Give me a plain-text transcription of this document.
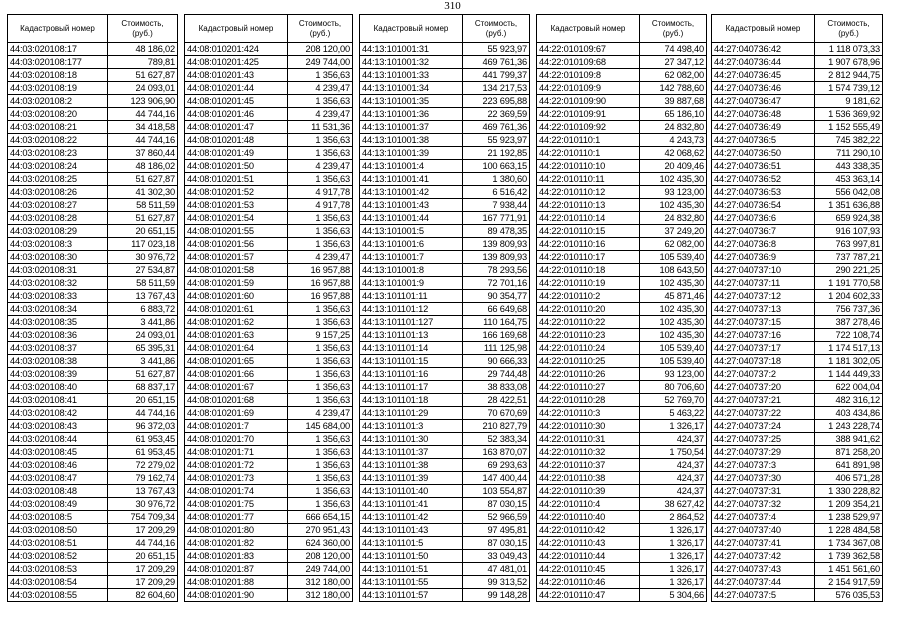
310
Кадастровый номер	Стоимость, (руб.)
44:03:020108:17	48 186,02
44:03:020108:177	789,81
44:03:020108:18	51 627,87
44:03:020108:19	24 093,01
44:03:020108:2	123 906,90
44:03:020108:20	44 744,16
44:03:020108:21	34 418,58
44:03:020108:22	44 744,16
44:03:020108:23	37 860,44
44:03:020108:24	48 186,02
44:03:020108:25	51 627,87
44:03:020108:26	41 302,30
44:03:020108:27	58 511,59
44:03:020108:28	51 627,87
44:03:020108:29	20 651,15
44:03:020108:3	117 023,18
44:03:020108:30	30 976,72
44:03:020108:31	27 534,87
44:03:020108:32	58 511,59
44:03:020108:33	13 767,43
44:03:020108:34	6 883,72
44:03:020108:35	3 441,86
44:03:020108:36	24 093,01
44:03:020108:37	65 395,31
44:03:020108:38	3 441,86
44:03:020108:39	51 627,87
44:03:020108:40	68 837,17
44:03:020108:41	20 651,15
44:03:020108:42	44 744,16
44:03:020108:43	96 372,03
44:03:020108:44	61 953,45
44:03:020108:45	61 953,45
44:03:020108:46	72 279,02
44:03:020108:47	79 162,74
44:03:020108:48	13 767,43
44:03:020108:49	30 976,72
44:03:020108:5	754 709,34
44:03:020108:50	17 209,29
44:03:020108:51	44 744,16
44:03:020108:52	20 651,15
44:03:020108:53	17 209,29
44:03:020108:54	17 209,29
44:03:020108:55	82 604,60
Кадастровый номер	Стоимость, (руб.)
44:08:010201:424	208 120,00
44:08:010201:425	249 744,00
44:08:010201:43	1 356,63
44:08:010201:44	4 239,47
44:08:010201:45	1 356,63
44:08:010201:46	4 239,47
44:08:010201:47	11 531,36
44:08:010201:48	1 356,63
44:08:010201:49	1 356,63
44:08:010201:50	4 239,47
44:08:010201:51	1 356,63
44:08:010201:52	4 917,78
44:08:010201:53	4 917,78
44:08:010201:54	1 356,63
44:08:010201:55	1 356,63
44:08:010201:56	1 356,63
44:08:010201:57	4 239,47
44:08:010201:58	16 957,88
44:08:010201:59	16 957,88
44:08:010201:60	16 957,88
44:08:010201:61	1 356,63
44:08:010201:62	1 356,63
44:08:010201:63	9 157,25
44:08:010201:64	1 356,63
44:08:010201:65	1 356,63
44:08:010201:66	1 356,63
44:08:010201:67	1 356,63
44:08:010201:68	1 356,63
44:08:010201:69	4 239,47
44:08:010201:7	145 684,00
44:08:010201:70	1 356,63
44:08:010201:71	1 356,63
44:08:010201:72	1 356,63
44:08:010201:73	1 356,63
44:08:010201:74	1 356,63
44:08:010201:75	1 356,63
44:08:010201:77	666 654,15
44:08:010201:80	270 951,43
44:08:010201:82	624 360,00
44:08:010201:83	208 120,00
44:08:010201:87	249 744,00
44:08:010201:88	312 180,00
44:08:010201:90	312 180,00
Кадастровый номер	Стоимость, (руб.)
44:13:101001:31	55 923,97
44:13:101001:32	469 761,36
44:13:101001:33	441 799,37
44:13:101001:34	134 217,53
44:13:101001:35	223 695,88
44:13:101001:36	22 369,59
44:13:101001:37	469 761,36
44:13:101001:38	55 923,97
44:13:101001:39	21 192,85
44:13:101001:4	100 663,15
44:13:101001:41	1 380,60
44:13:101001:42	6 516,42
44:13:101001:43	7 938,44
44:13:101001:44	167 771,91
44:13:101001:5	89 478,35
44:13:101001:6	139 809,93
44:13:101001:7	139 809,93
44:13:101001:8	78 293,56
44:13:101001:9	72 701,16
44:13:101101:11	90 354,77
44:13:101101:12	66 649,68
44:13:101101:127	110 164,75
44:13:101101:13	166 169,68
44:13:101101:14	111 125,98
44:13:101101:15	90 666,33
44:13:101101:16	29 744,48
44:13:101101:17	38 833,08
44:13:101101:18	28 422,51
44:13:101101:29	70 670,69
44:13:101101:3	210 827,79
44:13:101101:30	52 383,34
44:13:101101:37	163 870,07
44:13:101101:38	69 293,63
44:13:101101:39	147 400,44
44:13:101101:40	103 554,87
44:13:101101:41	87 030,15
44:13:101101:42	52 966,59
44:13:101101:43	97 495,81
44:13:101101:5	87 030,15
44:13:101101:50	33 049,43
44:13:101101:51	47 481,01
44:13:101101:55	99 313,52
44:13:101101:57	99 148,28
Кадастровый номер	Стоимость, (руб.)
44:22:010109:67	74 498,40
44:22:010109:68	27 347,12
44:22:010109:8	62 082,00
44:22:010109:9	142 788,60
44:22:010109:90	39 887,68
44:22:010109:91	65 186,10
44:22:010109:92	24 832,80
44:22:010110:1	4 243,73
44:22:010110:1	42 068,62
44:22:010110:10	20 409,46
44:22:010110:11	102 435,30
44:22:010110:12	93 123,00
44:22:010110:13	102 435,30
44:22:010110:14	24 832,80
44:22:010110:15	37 249,20
44:22:010110:16	62 082,00
44:22:010110:17	105 539,40
44:22:010110:18	108 643,50
44:22:010110:19	102 435,30
44:22:010110:2	45 871,46
44:22:010110:20	102 435,30
44:22:010110:22	102 435,30
44:22:010110:23	102 435,30
44:22:010110:24	105 539,40
44:22:010110:25	105 539,40
44:22:010110:26	93 123,00
44:22:010110:27	80 706,60
44:22:010110:28	52 769,70
44:22:010110:3	5 463,22
44:22:010110:30	1 326,17
44:22:010110:31	424,37
44:22:010110:32	1 750,54
44:22:010110:37	424,37
44:22:010110:38	424,37
44:22:010110:39	424,37
44:22:010110:4	38 627,42
44:22:010110:40	2 864,52
44:22:010110:42	1 326,17
44:22:010110:43	1 326,17
44:22:010110:44	1 326,17
44:22:010110:45	1 326,17
44:22:010110:46	1 326,17
44:22:010110:47	5 304,66
Кадастровый номер	Стоимость, (руб.)
44:27:040736:42	1 118 073,33
44:27:040736:44	1 907 678,96
44:27:040736:45	2 812 944,75
44:27:040736:46	1 574 739,12
44:27:040736:47	9 181,62
44:27:040736:48	1 536 369,92
44:27:040736:49	1 152 555,49
44:27:040736:5	745 382,22
44:27:040736:50	711 290,10
44:27:040736:51	443 338,35
44:27:040736:52	453 363,14
44:27:040736:53	556 042,08
44:27:040736:54	1 351 636,88
44:27:040736:6	659 924,38
44:27:040736:7	916 107,93
44:27:040736:8	763 997,81
44:27:040736:9	737 787,21
44:27:040737:10	290 221,25
44:27:040737:11	1 191 770,58
44:27:040737:12	1 204 602,33
44:27:040737:13	756 737,36
44:27:040737:15	387 278,46
44:27:040737:16	722 108,74
44:27:040737:17	1 174 517,13
44:27:040737:18	1 181 302,05
44:27:040737:2	1 144 449,33
44:27:040737:20	622 004,04
44:27:040737:21	482 316,12
44:27:040737:22	403 434,86
44:27:040737:24	1 243 228,74
44:27:040737:25	388 941,62
44:27:040737:29	871 258,20
44:27:040737:3	641 891,98
44:27:040737:30	406 571,28
44:27:040737:31	1 330 228,82
44:27:040737:32	1 209 354,21
44:27:040737:4	1 238 529,97
44:27:040737:40	1 228 484,58
44:27:040737:41	1 734 367,08
44:27:040737:42	1 739 362,58
44:27:040737:43	1 451 561,60
44:27:040737:44	2 154 917,59
44:27:040737:5	576 035,53
